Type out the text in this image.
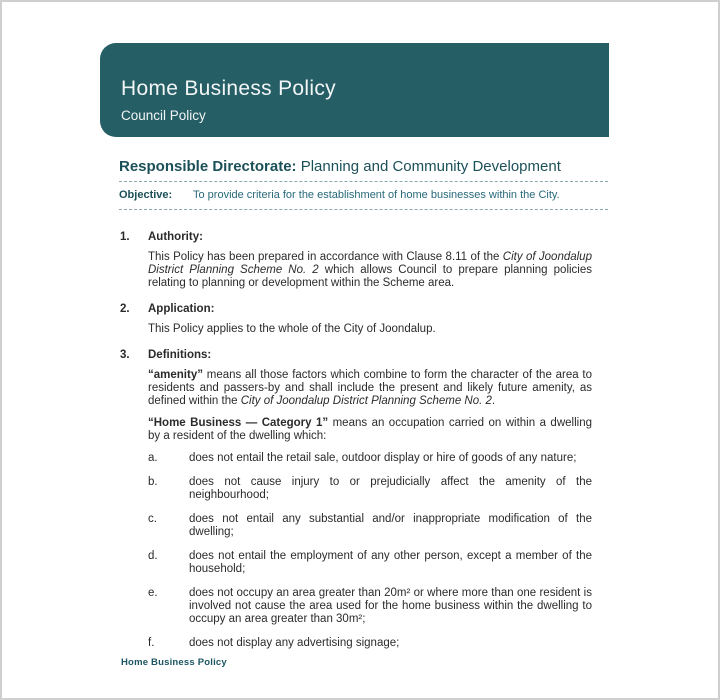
Home Business Policy
Council Policy
Responsible Directorate: Planning and Community Development
Objective:	To provide criteria for the establishment of home businesses within the City.
1.	Authority:

This Policy has been prepared in accordance with Clause 8.11 of the City of Joondalup District Planning Scheme No. 2 which allows Council to prepare planning policies relating to planning or development within the Scheme area.

2.	Application:

This Policy applies to the whole of the City of Joondalup.

3.	Definitions:

“amenity” means all those factors which combine to form the character of the area to residents and passers-by and shall include the present and likely future amenity, as defined within the City of Joondalup District Planning Scheme No. 2.

“Home Business — Category 1” means an occupation carried on within a dwelling by a resident of the dwelling which:

a.	does not entail the retail sale, outdoor display or hire of goods of any nature;
b.	does not cause injury to or prejudicially affect the amenity of the neighbourhood;
c.	does not entail any substantial and/or inappropriate modification of the dwelling;
d.	does not entail the employment of any other person, except a member of the household;
e.	does not occupy an area greater than 20m² or where more than one resident is involved not cause the area used for the home business within the dwelling to occupy an area greater than 30m²;
f.	does not display any advertising signage;
Home Business Policy
